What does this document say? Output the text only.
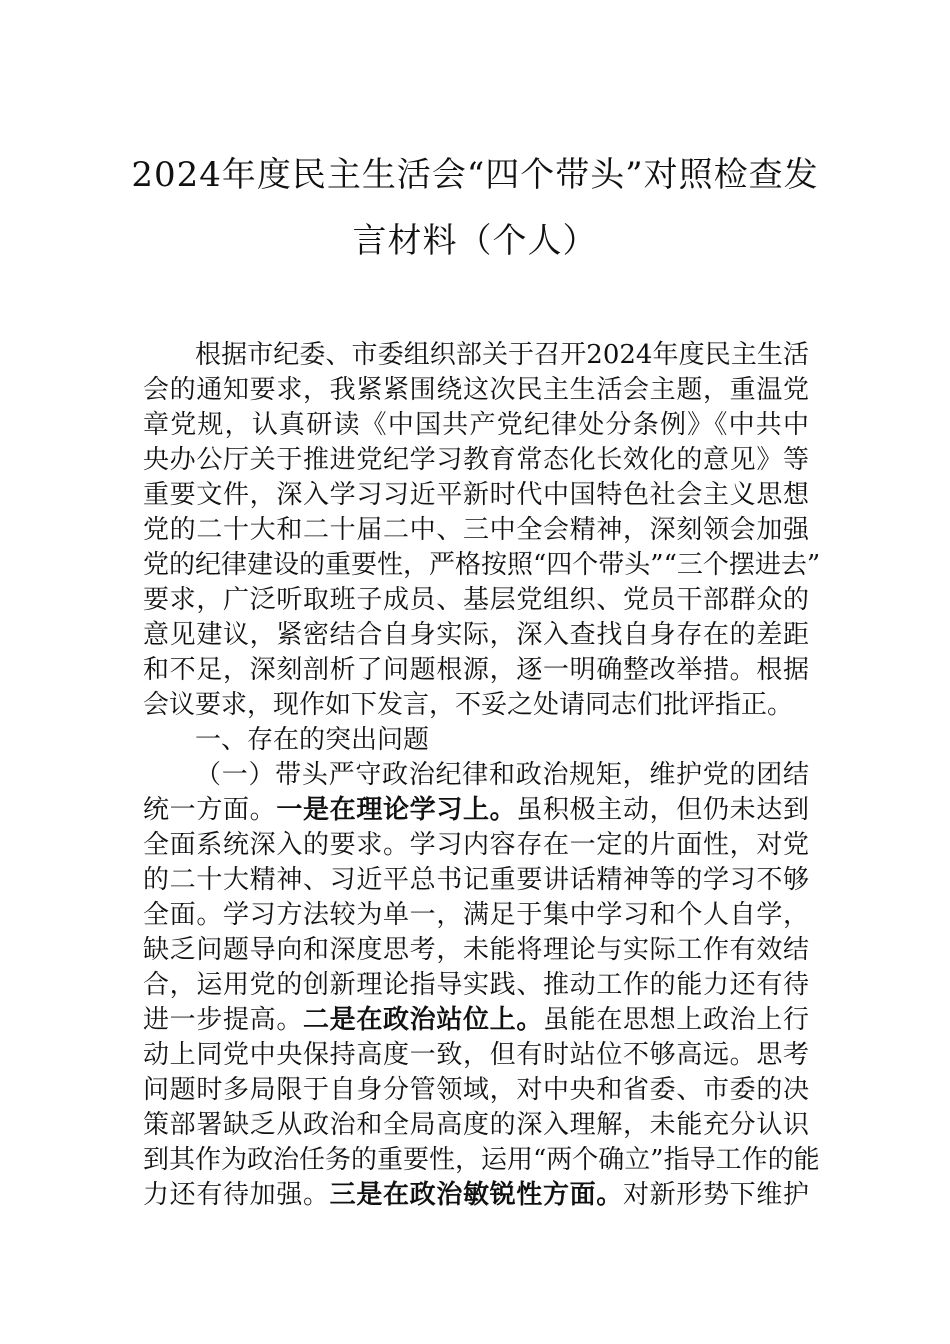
2024年度民主生活会“四个带头”对照检查发
言材料（个人）
根据市纪委、市委组织部关于召开2024年度民主生活
会的通知要求，我紧紧围绕这次民主生活会主题，重温党
章党规，认真研读《中国共产党纪律处分条例》《中共中
央办公厅关于推进党纪学习教育常态化长效化的意见》等
重要文件，深入学习习近平新时代中国特色社会主义思想
党的二十大和二十届二中、三中全会精神，深刻领会加强
党的纪律建设的重要性，严格按照“四个带头”“三个摆进去”
要求，广泛听取班子成员、基层党组织、党员干部群众的
意见建议，紧密结合自身实际，深入查找自身存在的差距
和不足，深刻剖析了问题根源，逐一明确整改举措。根据
会议要求，现作如下发言，不妥之处请同志们批评指正。
一、存在的突出问题
（一）带头严守政治纪律和政治规矩，维护党的团结
统一方面。一是在理论学习上。虽积极主动，但仍未达到
全面系统深入的要求。学习内容存在一定的片面性，对党
的二十大精神、习近平总书记重要讲话精神等的学习不够
全面。学习方法较为单一，满足于集中学习和个人自学，
缺乏问题导向和深度思考，未能将理论与实际工作有效结
合，运用党的创新理论指导实践、推动工作的能力还有待
进一步提高。二是在政治站位上。虽能在思想上政治上行
动上同党中央保持高度一致，但有时站位不够高远。思考
问题时多局限于自身分管领域，对中央和省委、市委的决
策部署缺乏从政治和全局高度的深入理解，未能充分认识
到其作为政治任务的重要性，运用“两个确立”指导工作的能
力还有待加强。三是在政治敏锐性方面。对新形势下维护
